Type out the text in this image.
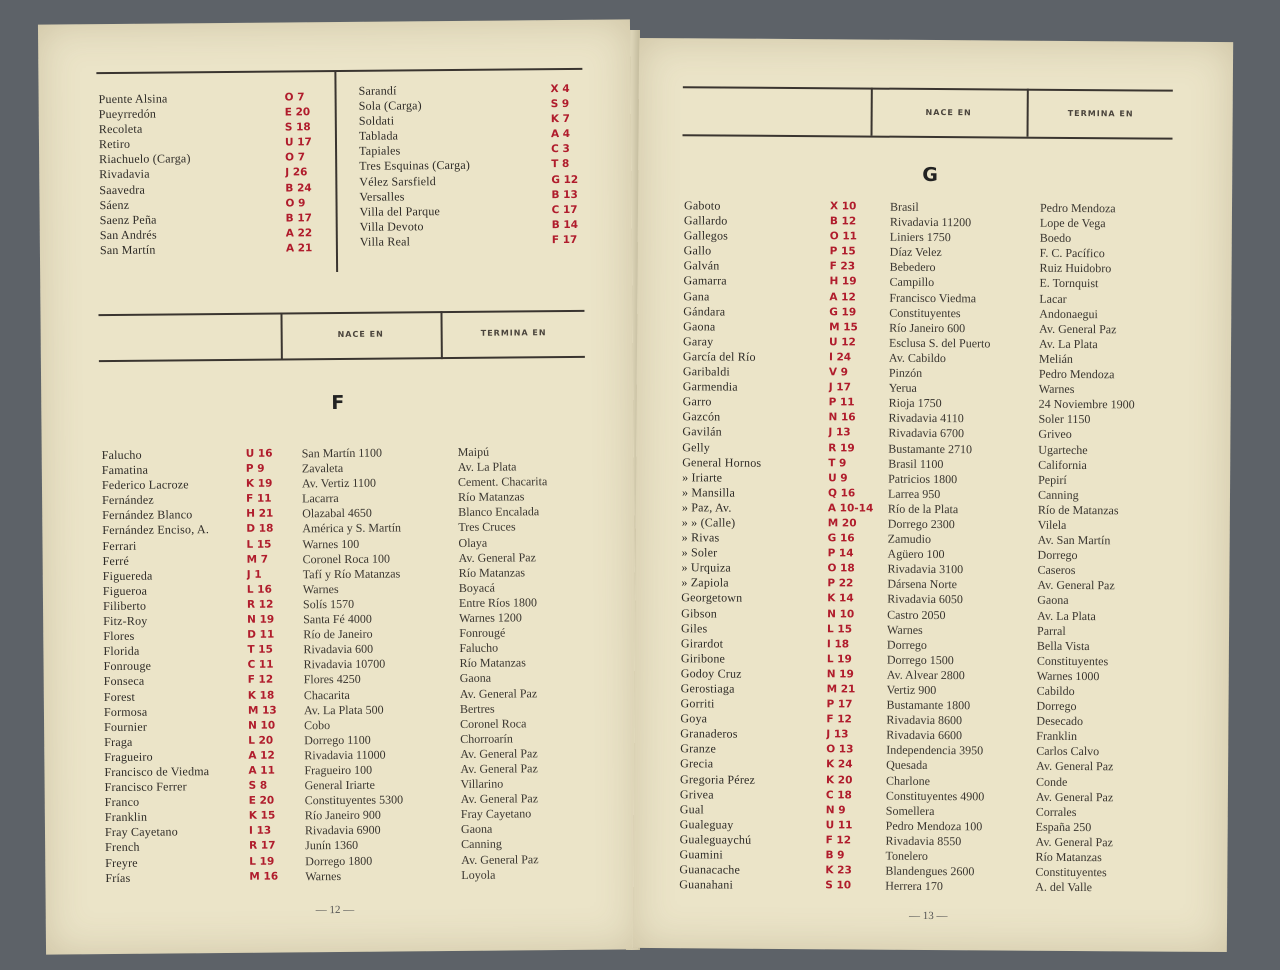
Puente Alsina	O 7
Pueyrredón	E 20
Recoleta	S 18
Retiro	U 17
Riachuelo (Carga)	O 7
Rivadavia	J 26
Saavedra	B 24
Sáenz	O 9
Saenz Peña	B 17
San Andrés	A 22
San Martín	A 21
Sarandí	X 4
Sola (Carga)	S 9
Soldati	K 7
Tablada	A 4
Tapiales	C 3
Tres Esquinas (Carga)	T 8
Vélez Sarsfield	G 12
Versalles	B 13
Villa del Parque	C 17
Villa Devoto	B 14
Villa Real	F 17
NACE EN	TERMINA EN
F
Falucho	U 16	San Martín 1100	Maipú
Famatina	P 9	Zavaleta	Av. La Plata
Federico Lacroze	K 19	Av. Vertiz 1100	Cement. Chacarita
Fernández	F 11	Lacarra	Río Matanzas
Fernández Blanco	H 21	Olazabal 4650	Blanco Encalada
Fernández Enciso, A.	D 18	América y S. Martín	Tres Cruces
Ferrari	L 15	Warnes 100	Olaya
Ferré	M 7	Coronel Roca 100	Av. General Paz
Figuereda	J 1	Tafí y Río Matanzas	Río Matanzas
Figueroa	L 16	Warnes	Boyacá
Filiberto	R 12	Solís 1570	Entre Ríos 1800
Fitz-Roy	N 19	Santa Fé 4000	Warnes 1200
Flores	D 11	Río de Janeiro	Fonrougé
Florida	T 15	Rivadavia 600	Falucho
Fonrouge	C 11	Rivadavia 10700	Río Matanzas
Fonseca	F 12	Flores 4250	Gaona
Forest	K 18	Chacarita	Av. General Paz
Formosa	M 13	Av. La Plata 500	Bertres
Fournier	N 10	Cobo	Coronel Roca
Fraga	L 20	Dorrego 1100	Chorroarín
Fragueiro	A 12	Rivadavia 11000	Av. General Paz
Francisco de Viedma	A 11	Fragueiro 100	Av. General Paz
Francisco Ferrer	S 8	General Iriarte	Villarino
Franco	E 20	Constituyentes 5300	Av. General Paz
Franklin	K 15	Río Janeiro 900	Fray Cayetano
Fray Cayetano	I 13	Rivadavia 6900	Gaona
French	R 17	Junín 1360	Canning
Freyre	L 19	Dorrego 1800	Av. General Paz
Frías	M 16	Warnes	Loyola
— 12 —
NACE EN	TERMINA EN
G
Gaboto	X 10	Brasil	Pedro Mendoza
Gallardo	B 12	Rivadavia 11200	Lope de Vega
Gallegos	O 11	Liniers 1750	Boedo
Gallo	P 15	Díaz Velez	F. C. Pacífico
Galván	F 23	Bebedero	Ruiz Huidobro
Gamarra	H 19	Campillo	E. Tornquist
Gana	A 12	Francisco Viedma	Lacar
Gándara	G 19	Constituyentes	Andonaegui
Gaona	M 15	Río Janeiro 600	Av. General Paz
Garay	U 12	Esclusa S. del Puerto	Av. La Plata
García del Río	I 24	Av. Cabildo	Melián
Garibaldi	V 9	Pinzón	Pedro Mendoza
Garmendia	J 17	Yerua	Warnes
Garro	P 11	Rioja 1750	24 Noviembre 1900
Gazcón	N 16	Rivadavia 4110	Soler 1150
Gavilán	J 13	Rivadavia 6700	Griveo
Gelly	R 19	Bustamante 2710	Ugarteche
General Hornos	T 9	Brasil 1100	California
» Iriarte	U 9	Patricios 1800	Pepirí
» Mansilla	Q 16	Larrea 950	Canning
» Paz, Av.	A 10-14	Río de la Plata	Río de Matanzas
» » (Calle)	M 20	Dorrego 2300	Vilela
» Rivas	G 16	Zamudio	Av. San Martín
» Soler	P 14	Agüero 100	Dorrego
» Urquiza	O 18	Rivadavia 3100	Caseros
» Zapiola	P 22	Dársena Norte	Av. General Paz
Georgetown	K 14	Rivadavia 6050	Gaona
Gibson	N 10	Castro 2050	Av. La Plata
Giles	L 15	Warnes	Parral
Girardot	I 18	Dorrego	Bella Vista
Giribone	L 19	Dorrego 1500	Constituyentes
Godoy Cruz	N 19	Av. Alvear 2800	Warnes 1000
Gerostiaga	M 21	Vertiz 900	Cabildo
Gorriti	P 17	Bustamante 1800	Dorrego
Goya	F 12	Rivadavia 8600	Desecado
Granaderos	J 13	Rivadavia 6600	Franklin
Granze	O 13	Independencia 3950	Carlos Calvo
Grecia	K 24	Quesada	Av. General Paz
Gregoria Pérez	K 20	Charlone	Conde
Grivea	C 18	Constituyentes 4900	Av. General Paz
Gual	N 9	Somellera	Corrales
Gualeguay	U 11	Pedro Mendoza 100	España 250
Gualeguaychú	F 12	Rivadavia 8550	Av. General Paz
Guamini	B 9	Tonelero	Río Matanzas
Guanacache	K 23	Blandengues 2600	Constituyentes
Guanahani	S 10	Herrera 170	A. del Valle
— 13 —
